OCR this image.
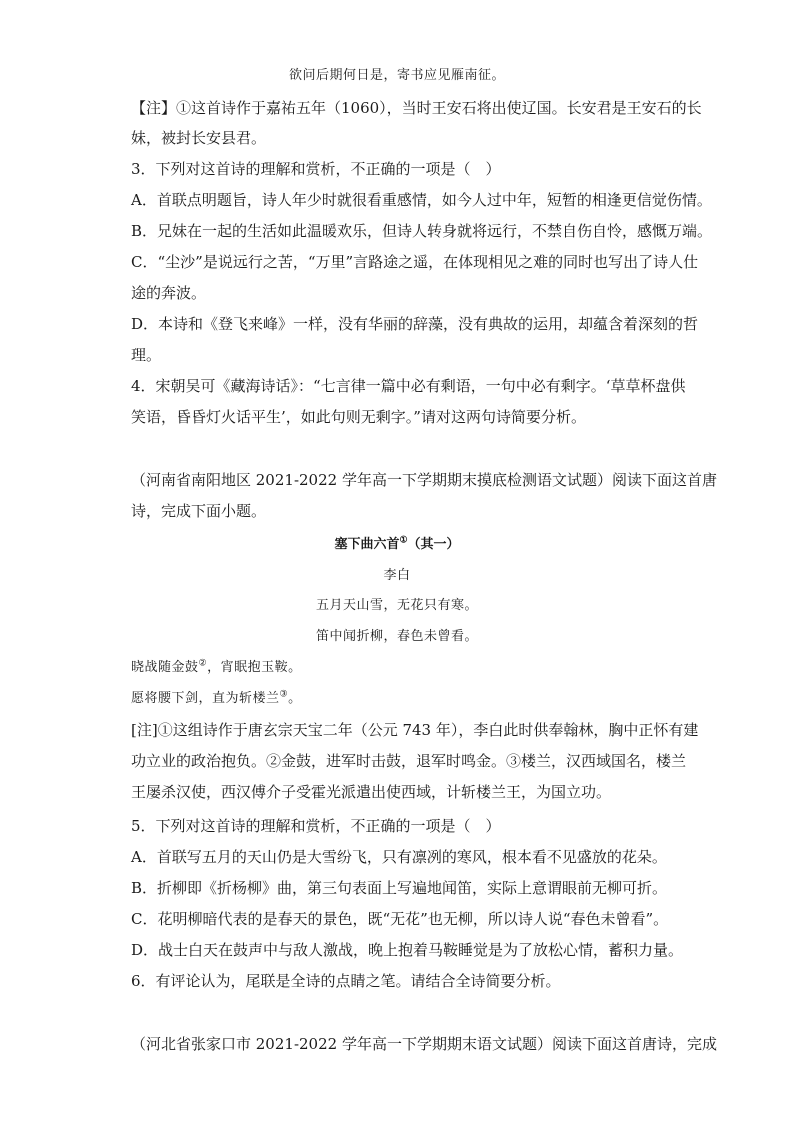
欲问后期何日是，寄书应见雁南征。
【注】①这首诗作于嘉祐五年（1060），当时王安石将出使辽国。长安君是王安石的长
妹，被封长安县君。
3．下列对这首诗的理解和赏析，不正确的一项是（　）
A．首联点明题旨，诗人年少时就很看重感情，如今人过中年，短暂的相逢更信觉伤情。
B．兄妹在一起的生活如此温暖欢乐，但诗人转身就将远行，不禁自伤自怜，感慨万端。
C．“尘沙”是说远行之苦，“万里”言路途之遥，在体现相见之难的同时也写出了诗人仕
途的奔波。
D．本诗和《登飞来峰》一样，没有华丽的辞藻，没有典故的运用，却蕴含着深刻的哲
理。
4．宋朝吴可《藏海诗话》：“七言律一篇中必有剩语，一句中必有剩字。‘草草杯盘供
笑语，昏昏灯火话平生’，如此句则无剩字。”请对这两句诗简要分析。
（河南省南阳地区 2021-2022 学年高一下学期期末摸底检测语文试题）阅读下面这首唐
诗，完成下面小题。
塞下曲六首①（其一）
李白
五月天山雪，无花只有寒。
笛中闻折柳，春色未曾看。
晓战随金鼓②，宵眠抱玉鞍。
愿将腰下剑，直为斩楼兰③。
[注]①这组诗作于唐玄宗天宝二年（公元 743 年），李白此时供奉翰林，胸中正怀有建
功立业的政治抱负。②金鼓，进军时击鼓，退军时鸣金。③楼兰，汉西域国名，楼兰
王屡杀汉使，西汉傅介子受霍光派遣出使西域，计斩楼兰王，为国立功。
5．下列对这首诗的理解和赏析，不正确的一项是（　）
A．首联写五月的天山仍是大雪纷飞，只有凛冽的寒风，根本看不见盛放的花朵。
B．折柳即《折杨柳》曲，第三句表面上写遍地闻笛，实际上意谓眼前无柳可折。
C．花明柳暗代表的是春天的景色，既“无花”也无柳，所以诗人说“春色未曾看”。
D．战士白天在鼓声中与敌人激战，晚上抱着马鞍睡觉是为了放松心情，蓄积力量。
6．有评论认为，尾联是全诗的点睛之笔。请结合全诗简要分析。
（河北省张家口市 2021-2022 学年高一下学期期末语文试题）阅读下面这首唐诗，完成
